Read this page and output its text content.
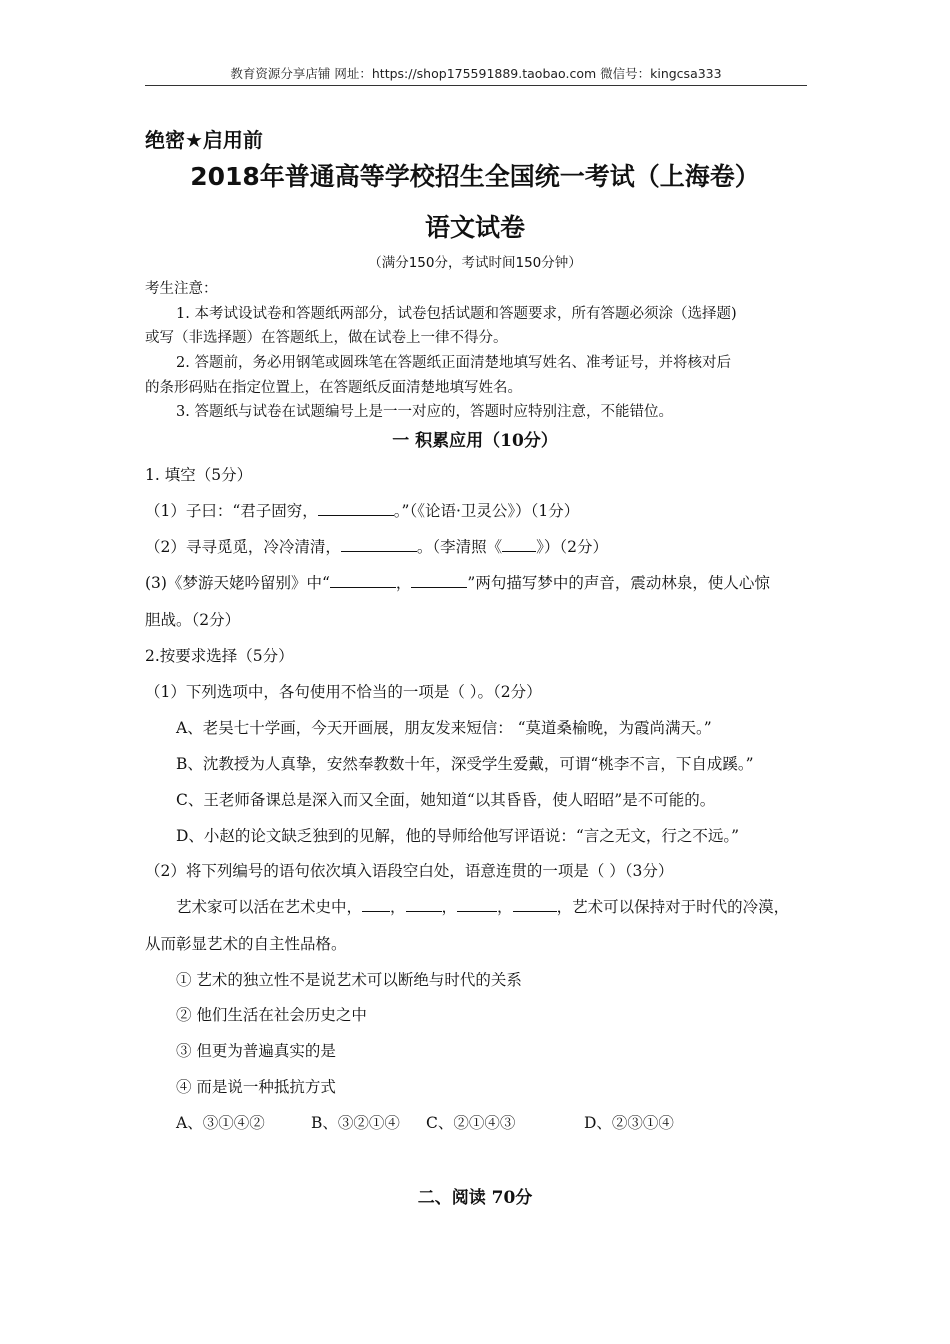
教育资源分享店铺 网址：https://shop175591889.taobao.com 微信号：kingcsa333
绝密★启用前
2018年普通高等学校招生全国统一考试（上海卷）
语文试卷
（满分150分，考试时间150分钟）
考生注意：
1. 本考试设试卷和答题纸两部分，试卷包括试题和答题要求，所有答题必须涂（选择题)
或写（非选择题）在答题纸上，做在试卷上一律不得分。
2. 答题前，务必用钢笔或圆珠笔在答题纸正面清楚地填写姓名、准考证号，并将核对后
的条形码贴在指定位置上，在答题纸反面清楚地填写姓名。
3. 答题纸与试卷在试题编号上是一一对应的，答题时应特别注意，不能错位。
一 积累应用（10分）
1. 填空（5分）
（1）子曰：“君子固穷，	。”（《论语·卫灵公》）（1分）
（2）寻寻觅觅，冷冷清清，	。（李清照《 》）（2分）
(3)《梦游天姥吟留别》中“	，	”两句描写梦中的声音，震动林泉，使人心惊
胆战。（2分）
2.按要求选择（5分）
（1）下列选项中，各句使用不恰当的一项是（ ）。（2分）
A、老吴七十学画，今天开画展，朋友发来短信： “莫道桑榆晚，为霞尚满天。”
B、沈教授为人真挚，安然奉教数十年，深受学生爱戴，可谓“桃李不言，下自成蹊。”
C、王老师备课总是深入而又全面，她知道“以其昏昏，使人昭昭”是不可能的。
D、小赵的论文缺乏独到的见解，他的导师给他写评语说：“言之无文，行之不远。”
（2）将下列编号的语句依次填入语段空白处，语意连贯的一项是（ ）（3分）
艺术家可以活在艺术史中， ， ，	，	，艺术可以保持对于时代的冷漠，
从而彰显艺术的自主性品格。
① 艺术的独立性不是说艺术可以断绝与时代的关系
② 他们生活在社会历史之中
③ 但更为普遍真实的是
④ 而是说一种抵抗方式
A、③①④②	B、③②①④ C、②①④③	D、②③①④
二、阅读 70分
